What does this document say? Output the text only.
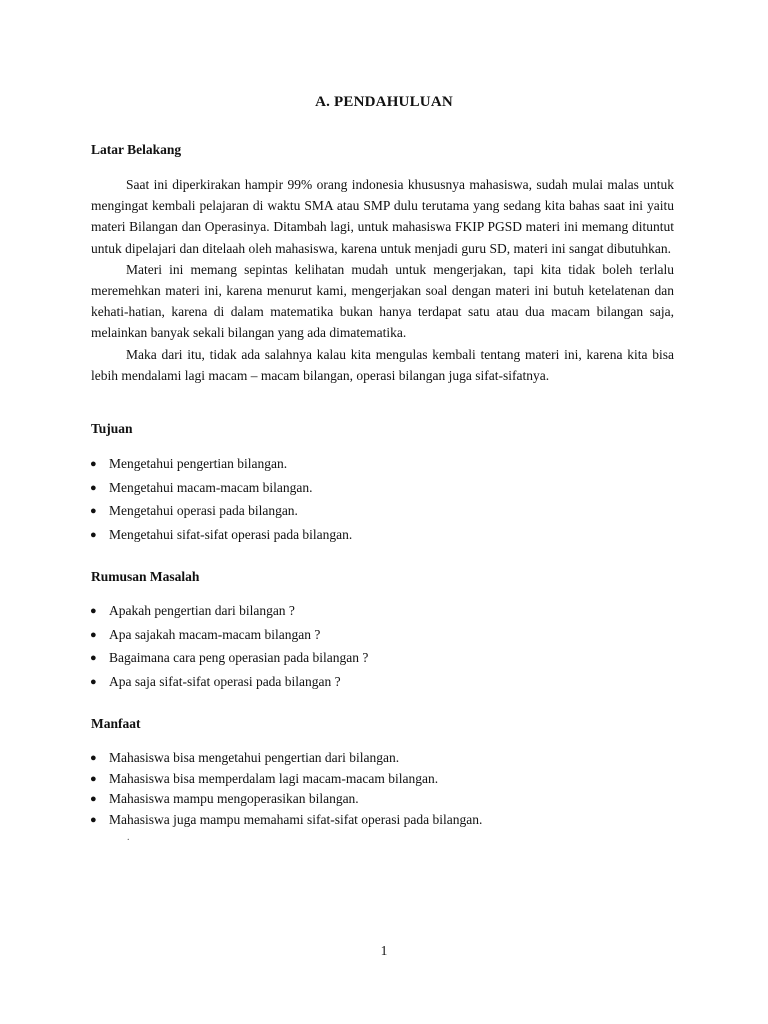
A. PENDAHULUAN
Latar Belakang

Saat ini diperkirakan hampir 99% orang indonesia khususnya mahasiswa, sudah mulai malas untuk mengingat kembali pelajaran di waktu SMA atau SMP dulu terutama yang sedang kita bahas saat ini yaitu materi Bilangan dan Operasinya. Ditambah lagi, untuk mahasiswa FKIP PGSD materi ini memang dituntut untuk dipelajari dan ditelaah oleh mahasiswa, karena untuk menjadi guru SD, materi ini sangat dibutuhkan.

Materi ini memang sepintas kelihatan mudah untuk mengerjakan, tapi kita tidak boleh terlalu meremehkan materi ini, karena menurut kami, mengerjakan soal dengan materi ini butuh ketelatenan dan kehati-hatian, karena di dalam matematika bukan hanya terdapat satu atau dua macam bilangan saja, melainkan banyak sekali bilangan yang ada dimatematika.

Maka dari itu, tidak ada salahnya kalau kita mengulas kembali tentang materi ini, karena kita bisa lebih mendalami lagi macam – macam bilangan, operasi bilangan juga sifat-sifatnya.

Tujuan
● Mengetahui pengertian bilangan.
● Mengetahui macam-macam bilangan.
● Mengetahui operasi pada bilangan.
● Mengetahui sifat-sifat operasi pada bilangan.
Rumusan Masalah
● Apakah pengertian dari bilangan ?
● Apa sajakah macam-macam bilangan ?
● Bagaimana cara peng operasian pada bilangan ?
● Apa saja sifat-sifat operasi pada bilangan ?
Manfaat
● Mahasiswa bisa mengetahui pengertian dari bilangan.
● Mahasiswa bisa memperdalam lagi macam-macam bilangan.
● Mahasiswa mampu mengoperasikan bilangan.
● Mahasiswa juga mampu memahami sifat-sifat operasi pada bilangan.
.
1
